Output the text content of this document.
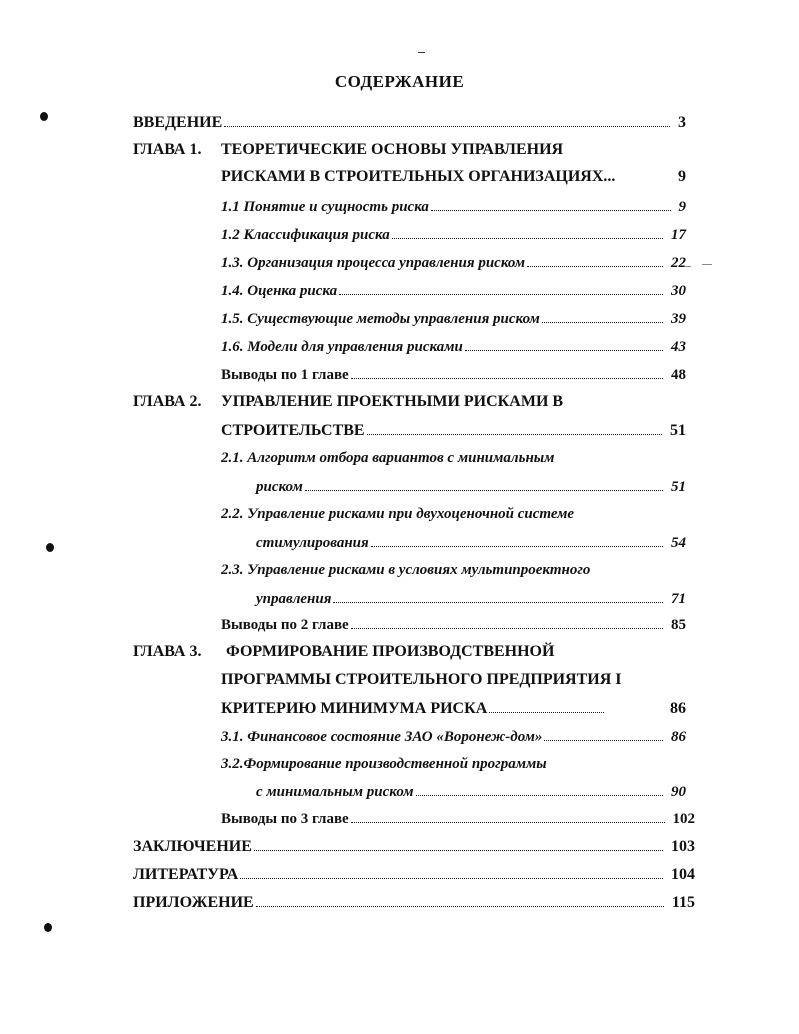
СОДЕРЖАНИЕ
ВВЕДЕНИЕ	3
ГЛАВА 1. ТЕОРЕТИЧЕСКИЕ ОСНОВЫ УПРАВЛЕНИЯ
РИСКАМИ В СТРОИТЕЛЬНЫХ ОРГАНИЗАЦИЯХ...	9
1.1 Понятие и сущность риска	9
1.2 Классификация риска	17
1.3. Организация процесса управления риском	22
1.4. Оценка риска	30
1.5. Существующие методы управления риском	39
1.6. Модели для управления рисками	43
Выводы по 1 главе	48
ГЛАВА 2. УПРАВЛЕНИЕ ПРОЕКТНЫМИ РИСКАМИ В
СТРОИТЕЛЬСТВЕ	51
2.1. Алгоритм отбора вариантов с минимальным
риском	51
2.2. Управление рисками при двухоценочной системе
стимулирования	54
2.3. Управление рисками в условиях мультипроектного
управления	71
Выводы по 2 главе	85
ГЛАВА 3. ФОРМИРОВАНИЕ ПРОИЗВОДСТВЕННОЙ
ПРОГРАММЫ СТРОИТЕЛЬНОГО ПРЕДПРИЯТИЯ I
КРИТЕРИЮ МИНИМУМА РИСКА	86
3.1. Финансовое состояние ЗАО «Воронеж-дом»	86
3.2.Формирование производственной программы
с минимальным риском	90
Выводы по 3 главе	102
ЗАКЛЮЧЕНИЕ	103
ЛИТЕРАТУРА	104
ПРИЛОЖЕНИЕ	115
